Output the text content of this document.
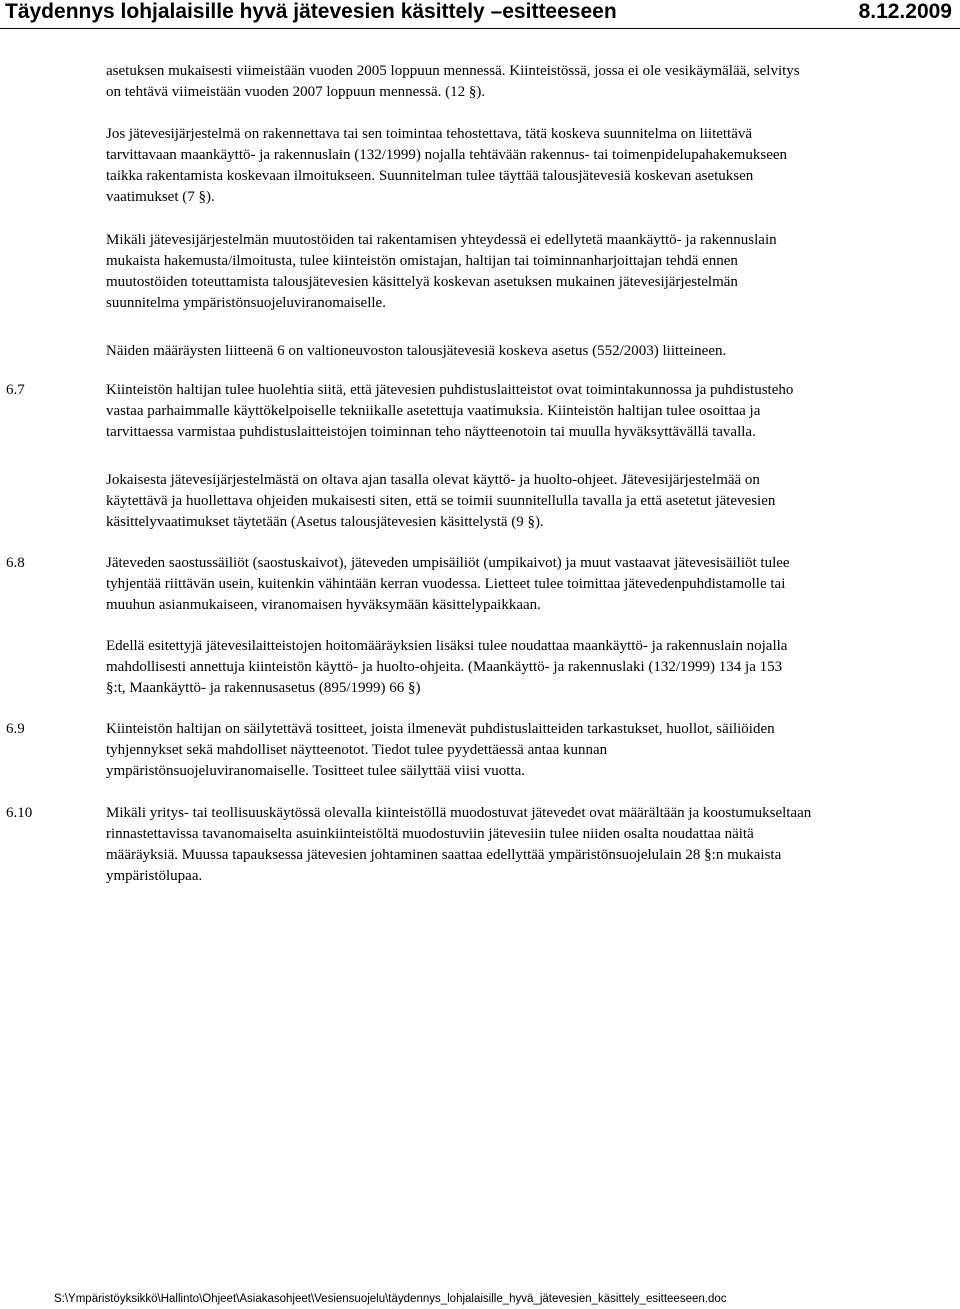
Täydennys lohjalaisille hyvä jätevesien käsittely –esitteeseen	8.12.2009
asetuksen mukaisesti viimeistään vuoden 2005 loppuun mennessä. Kiinteistössä, jossa ei ole vesikäymälää, selvitys
on tehtävä viimeistään vuoden 2007 loppuun mennessä. (12 §).
Jos jätevesijärjestelmä on rakennettava tai sen toimintaa tehostettava, tätä koskeva suunnitelma on liitettävä
tarvittavaan maankäyttö- ja rakennuslain (132/1999) nojalla tehtävään rakennus- tai toimenpidelupahakemukseen
taikka rakentamista koskevaan ilmoitukseen. Suunnitelman tulee täyttää talousjätevesiä koskevan asetuksen
vaatimukset (7 §).
Mikäli jätevesijärjestelmän muutostöiden tai rakentamisen yhteydessä ei edellytetä maankäyttö- ja rakennuslain
mukaista hakemusta/ilmoitusta, tulee kiinteistön omistajan, haltijan tai toiminnanharjoittajan tehdä ennen
muutostöiden toteuttamista talousjätevesien käsittelyä koskevan asetuksen mukainen jätevesijärjestelmän
suunnitelma ympäristönsuojeluviranomaiselle.
Näiden määräysten liitteenä 6 on valtioneuvoston talousjätevesiä koskeva asetus (552/2003) liitteineen.
6.7	Kiinteistön haltijan tulee huolehtia siitä, että jätevesien puhdistuslaitteistot ovat toimintakunnossa ja puhdistusteho
vastaa parhaimmalle käyttökelpoiselle tekniikalle asetettuja vaatimuksia. Kiinteistön haltijan tulee osoittaa ja
tarvittaessa varmistaa puhdistuslaitteistojen toiminnan teho näytteenotoin tai muulla hyväksyttävällä tavalla.
Jokaisesta jätevesijärjestelmästä on oltava ajan tasalla olevat käyttö- ja huolto-ohjeet. Jätevesijärjestelmää on
käytettävä ja huollettava ohjeiden mukaisesti siten, että se toimii suunnitellulla tavalla ja että asetetut jätevesien
käsittelyvaatimukset täytetään (Asetus talousjätevesien käsittelystä (9 §).
6.8	Jäteveden saostussäiliöt (saostuskaivot), jäteveden umpisäiliöt (umpikaivot) ja muut vastaavat jätevesisäiliöt tulee
tyhjentää riittävän usein, kuitenkin vähintään kerran vuodessa. Lietteet tulee toimittaa jätevedenpuhdistamolle tai
muuhun asianmukaiseen, viranomaisen hyväksymään käsittelypaikkaan.
Edellä esitettyjä jätevesilaitteistojen hoitomääräyksien lisäksi tulee noudattaa maankäyttö- ja rakennuslain nojalla
mahdollisesti annettuja kiinteistön käyttö- ja huolto-ohjeita. (Maankäyttö- ja rakennuslaki (132/1999) 134 ja 153
§:t, Maankäyttö- ja rakennusasetus (895/1999) 66 §)
6.9	Kiinteistön haltijan on säilytettävä tositteet, joista ilmenevät puhdistuslaitteiden tarkastukset, huollot, säiliöiden
tyhjennykset sekä mahdolliset näytteenotot. Tiedot tulee pyydettäessä antaa kunnan
ympäristönsuojeluviranomaiselle. Tositteet tulee säilyttää viisi vuotta.
6.10	Mikäli yritys- tai teollisuuskäytössä olevalla kiinteistöllä muodostuvat jätevedet ovat määrältään ja koostumukseltaan
rinnastettavissa tavanomaiselta asuinkiinteistöltä muodostuviin jätevesiin tulee niiden osalta noudattaa näitä
määräyksiä. Muussa tapauksessa jätevesien johtaminen saattaa edellyttää ympäristönsuojelulain 28 §:n mukaista
ympäristölupaa.
S:\Ympäristöyksikkö\Hallinto\Ohjeet\Asiakasohjeet\Vesiensuojelu\täydennys_lohjalaisille_hyvä_jätevesien_käsittely_esitteeseen.doc
